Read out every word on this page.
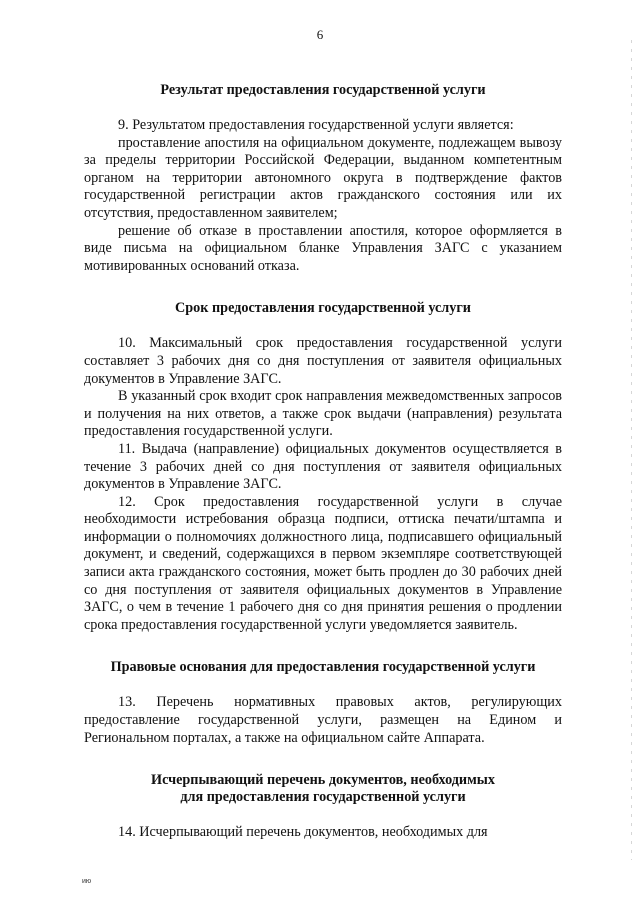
6

Результат предоставления государственной услуги

9. Результатом предоставления государственной услуги является:

проставление апостиля на официальном документе, подлежащем вывозу за пределы территории Российской Федерации, выданном компетентным органом на территории автономного округа в подтверждение фактов государственной регистрации актов гражданского состояния или их отсутствия, предоставленном заявителем;

решение об отказе в проставлении апостиля, которое оформляется в виде письма на официальном бланке Управления ЗАГС с указанием мотивированных оснований отказа.

Срок предоставления государственной услуги

10. Максимальный срок предоставления государственной услуги составляет 3 рабочих дня со дня поступления от заявителя официальных документов в Управление ЗАГС.

В указанный срок входит срок направления межведомственных запросов и получения на них ответов, а также срок выдачи (направления) результата предоставления государственной услуги.

11. Выдача (направление) официальных документов осуществляется в течение 3 рабочих дней со дня поступления от заявителя официальных документов в Управление ЗАГС.

12. Срок предоставления государственной услуги в случае необходимости истребования образца подписи, оттиска печати/штампа и информации о полномочиях должностного лица, подписавшего официальный документ, и сведений, содержащихся в первом экземпляре соответствующей записи акта гражданского состояния, может быть продлен до 30 рабочих дней со дня поступления от заявителя официальных документов в Управление ЗАГС, о чем в течение 1 рабочего дня со дня принятия решения о продлении срока предоставления государственной услуги уведомляется заявитель.

Правовые основания для предоставления государственной услуги

13. Перечень нормативных правовых актов, регулирующих предоставление государственной услуги, размещен на Едином и Региональном порталах, а также на официальном сайте Аппарата.

Исчерпывающий перечень документов, необходимых

для предоставления государственной услуги

14. Исчерпывающий перечень документов, необходимых для

ию
